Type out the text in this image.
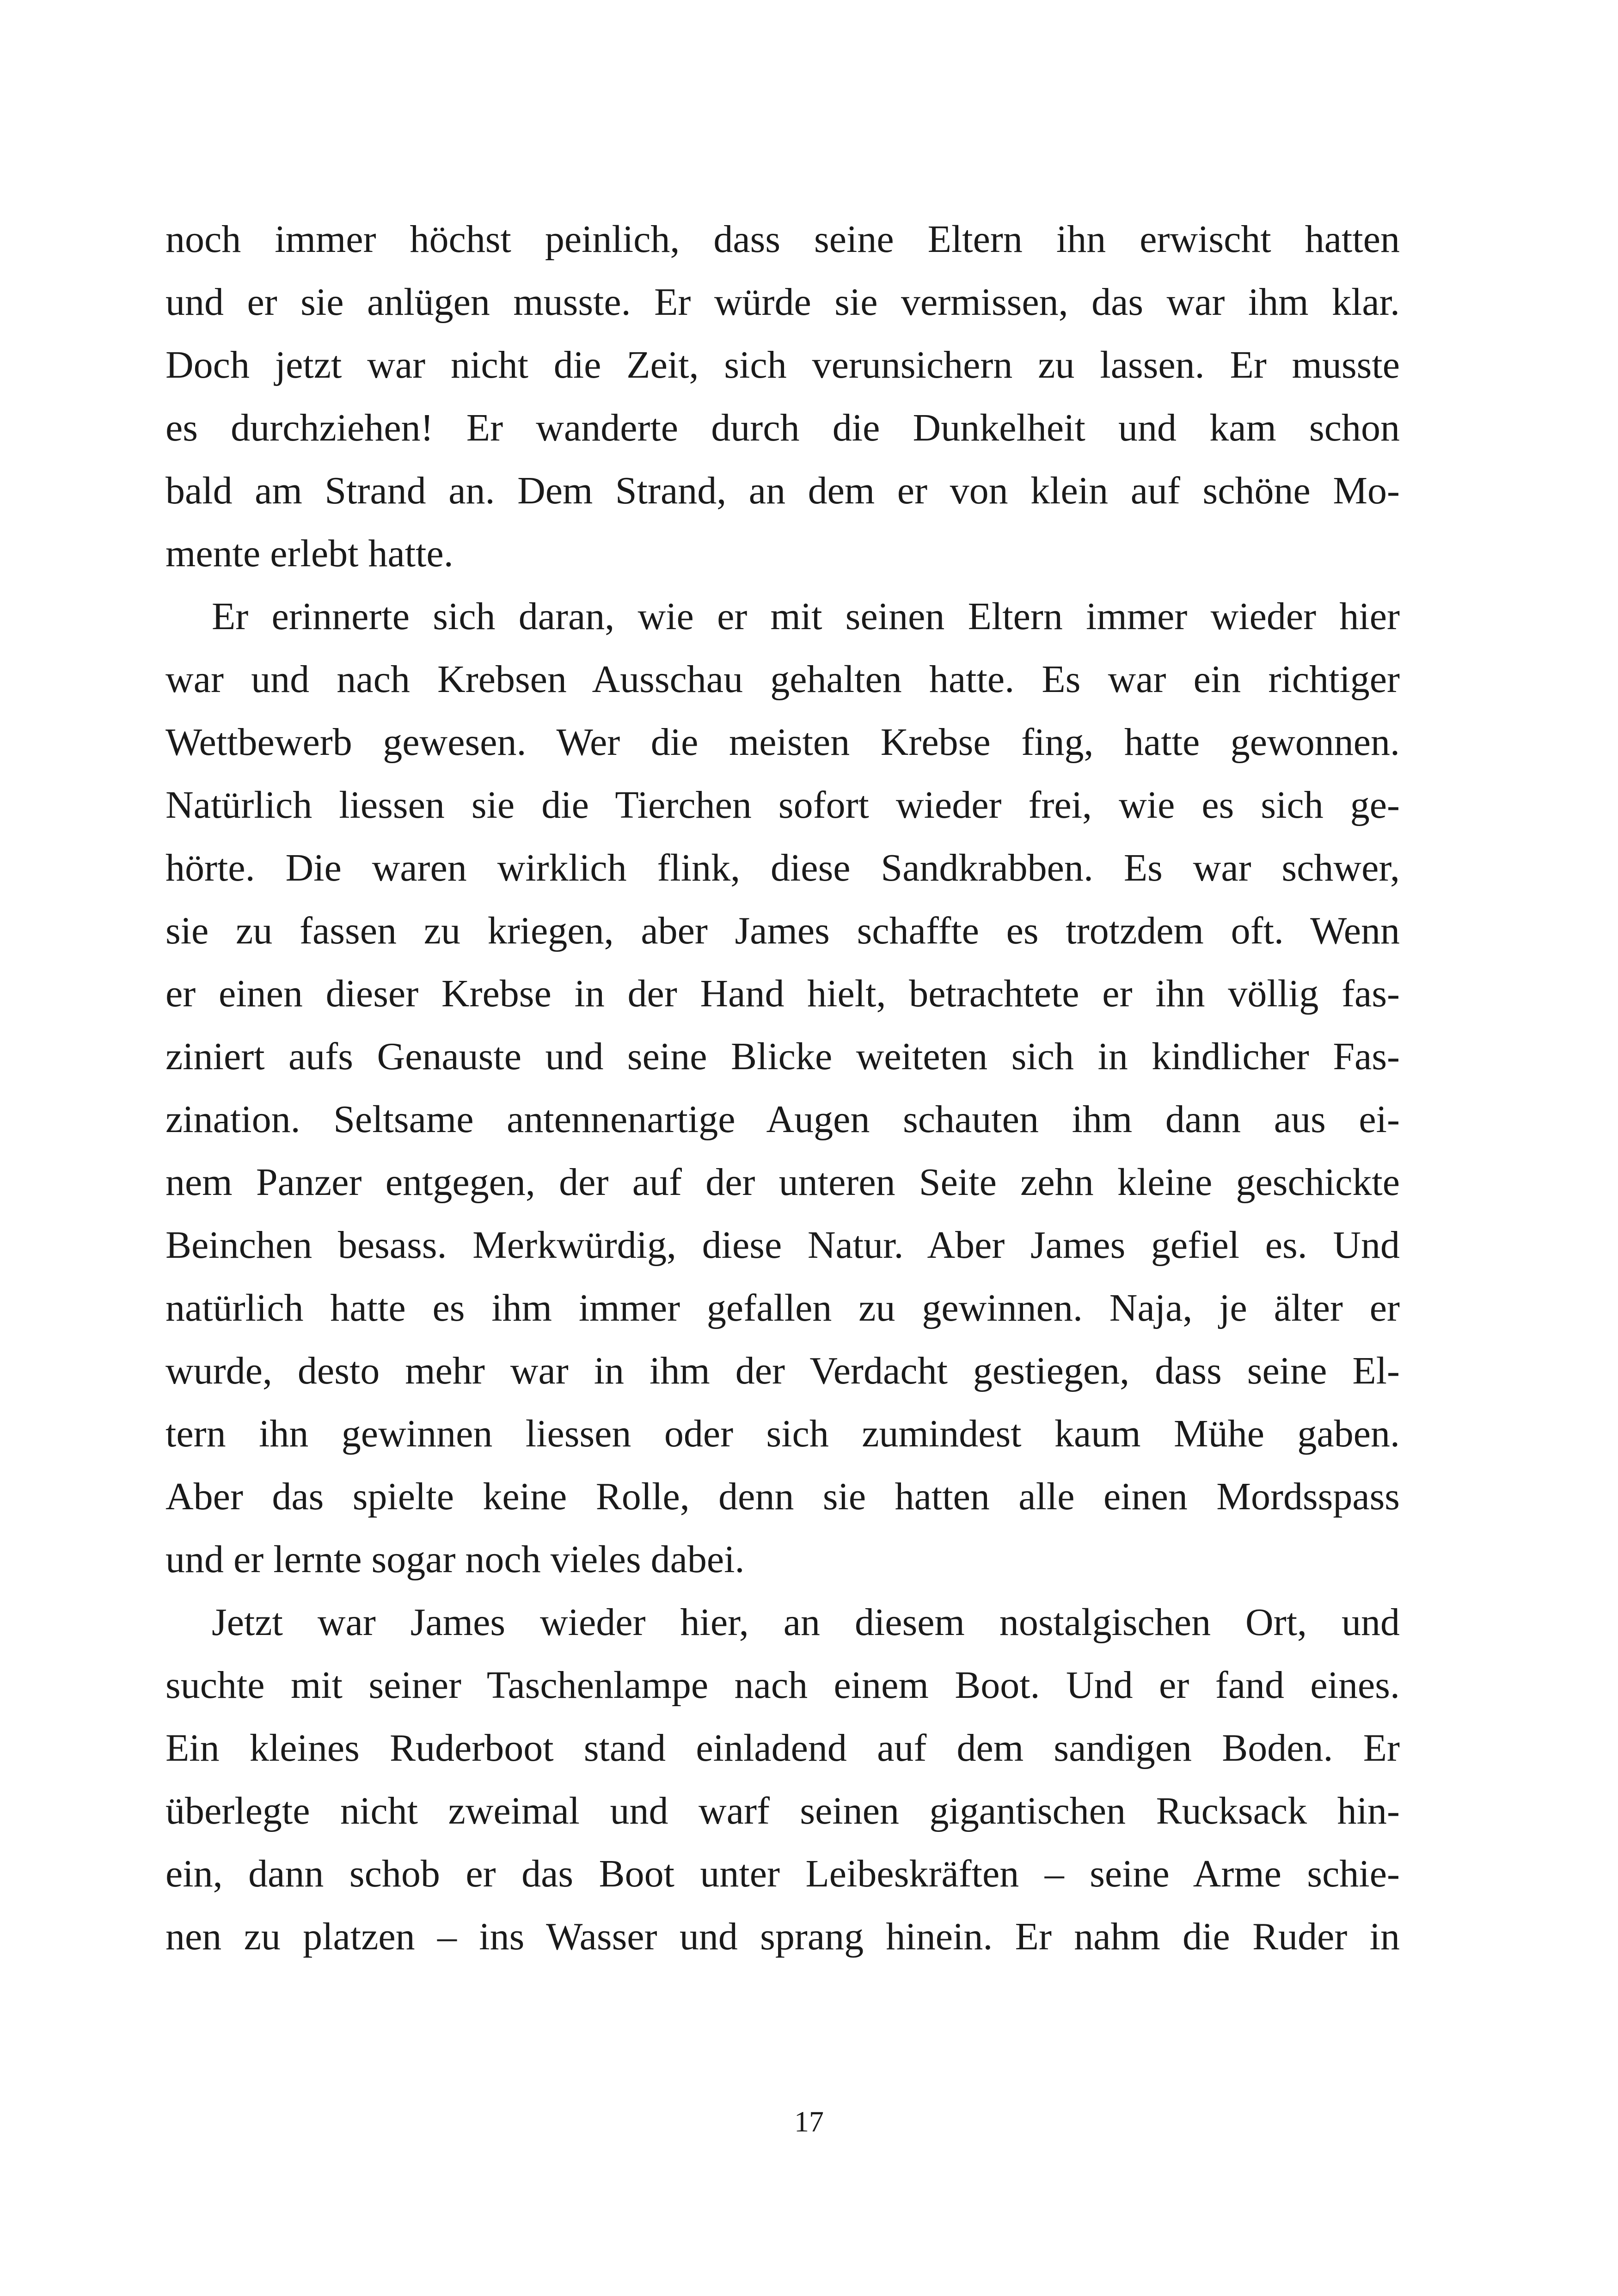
noch immer höchst peinlich, dass seine Eltern ihn erwischt hatten
und er sie anlügen musste. Er würde sie vermissen, das war ihm klar.
Doch jetzt war nicht die Zeit, sich verunsichern zu lassen. Er musste
es durchziehen! Er wanderte durch die Dunkelheit und kam schon
bald am Strand an. Dem Strand, an dem er von klein auf schöne Mo-
mente erlebt hatte.
Er erinnerte sich daran, wie er mit seinen Eltern immer wieder hier
war und nach Krebsen Ausschau gehalten hatte. Es war ein richtiger
Wettbewerb gewesen. Wer die meisten Krebse fing, hatte gewonnen.
Natürlich liessen sie die Tierchen sofort wieder frei, wie es sich ge-
hörte. Die waren wirklich flink, diese Sandkrabben. Es war schwer,
sie zu fassen zu kriegen, aber James schaffte es trotzdem oft. Wenn
er einen dieser Krebse in der Hand hielt, betrachtete er ihn völlig fas-
ziniert aufs Genauste und seine Blicke weiteten sich in kindlicher Fas-
zination. Seltsame antennenartige Augen schauten ihm dann aus ei-
nem Panzer entgegen, der auf der unteren Seite zehn kleine geschickte
Beinchen besass. Merkwürdig, diese Natur. Aber James gefiel es. Und
natürlich hatte es ihm immer gefallen zu gewinnen. Naja, je älter er
wurde, desto mehr war in ihm der Verdacht gestiegen, dass seine El-
tern ihn gewinnen liessen oder sich zumindest kaum Mühe gaben.
Aber das spielte keine Rolle, denn sie hatten alle einen Mordsspass
und er lernte sogar noch vieles dabei.
Jetzt war James wieder hier, an diesem nostalgischen Ort, und
suchte mit seiner Taschenlampe nach einem Boot. Und er fand eines.
Ein kleines Ruderboot stand einladend auf dem sandigen Boden. Er
überlegte nicht zweimal und warf seinen gigantischen Rucksack hin-
ein, dann schob er das Boot unter Leibeskräften – seine Arme schie-
nen zu platzen – ins Wasser und sprang hinein. Er nahm die Ruder in
17
